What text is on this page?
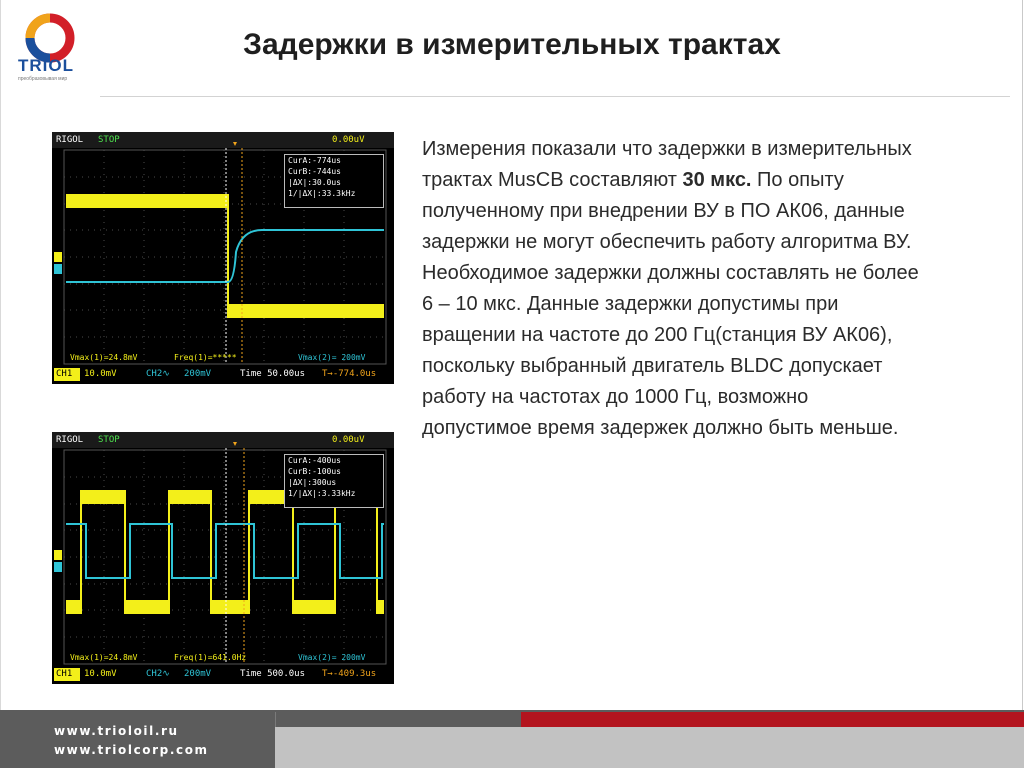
TRIOL
преобразовывая мир
Задержки в измерительных трактах
RIGOL STOP	0.00uV
CurA:-774us
CurB:-744us
|ΔX|:30.0us
1/|ΔX|:33.3kHz
Vmax(1)=24.8mV	Freq(1)=*****	Vmax(2)= 200mV
CH1 10.0mV	CH2∿ 200mV	Time 50.00us T→-774.0us
RIGOL STOP	0.00uV
CurA:-400us
CurB:-100us
|ΔX|:300us
1/|ΔX|:3.33kHz
Vmax(1)=24.8mV	Freq(1)=641.0Hz	Vmax(2)= 200mV
CH1 10.0mV	CH2∿ 200mV	Time 500.0us T→-409.3us
Измерения показали что задержки в измерительных трактах MusCB составляют 30 мкс. По опыту полученному при внедрении ВУ в ПО АК06, данные задержки не могут обеспечить работу алгоритма ВУ. Необходимое задержки должны составлять не более 6 – 10 мкс. Данные задержки допустимы при вращении на частоте до 200 Гц(станция ВУ АК06), поскольку выбранный двигатель BLDC допускает работу на частотах до 1000 Гц, возможно допустимое время задержек должно быть меньше.
www.trioloil.ru
www.triolcorp.com
